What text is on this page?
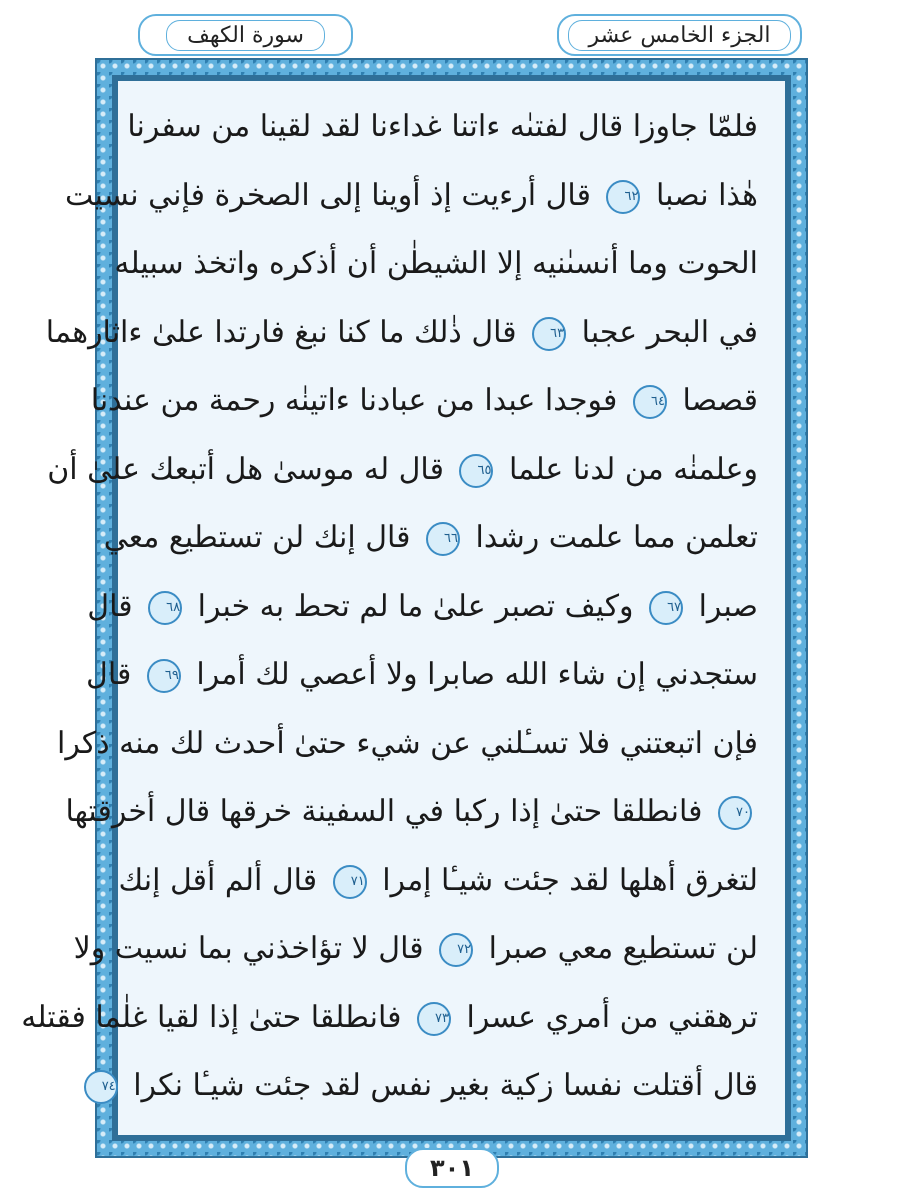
الجزء الخامس عشر
سورة الكهف
فلمّا جاوزا قال لفتىٰه ءاتنا غداءنا لقد لقينا من سفرنا
هٰذا نصبا ٦٢ قال أرءيت إذ أوينا إلى الصخرة فإني نسيت
الحوت وما أنسىٰنيه إلا الشيطٰن أن أذكره واتخذ سبيله
في البحر عجبا ٦٣ قال ذٰلك ما كنا نبغ فارتدا علىٰ ءاثارهما
قصصا ٦٤ فوجدا عبدا من عبادنا ءاتينٰه رحمة من عندنا
وعلمنٰه من لدنا علما ٦٥ قال له موسىٰ هل أتبعك علىٰ أن
تعلمن مما علمت رشدا ٦٦ قال إنك لن تستطيع معي
صبرا ٦٧ وكيف تصبر علىٰ ما لم تحط به خبرا ٦٨ قال
ستجدني إن شاء الله صابرا ولا أعصي لك أمرا ٦٩ قال
فإن اتبعتني فلا تسـٔلني عن شيء حتىٰ أحدث لك منه ذكرا
٧٠ فانطلقا حتىٰ إذا ركبا في السفينة خرقها قال أخرقتها
لتغرق أهلها لقد جئت شيـٔا إمرا ٧١ قال ألم أقل إنك
لن تستطيع معي صبرا ٧٢ قال لا تؤاخذني بما نسيت ولا
ترهقني من أمري عسرا ٧٣ فانطلقا حتىٰ إذا لقيا غلٰما فقتله
قال أقتلت نفسا زكية بغير نفس لقد جئت شيـٔا نكرا ٧٤
٣٠١
